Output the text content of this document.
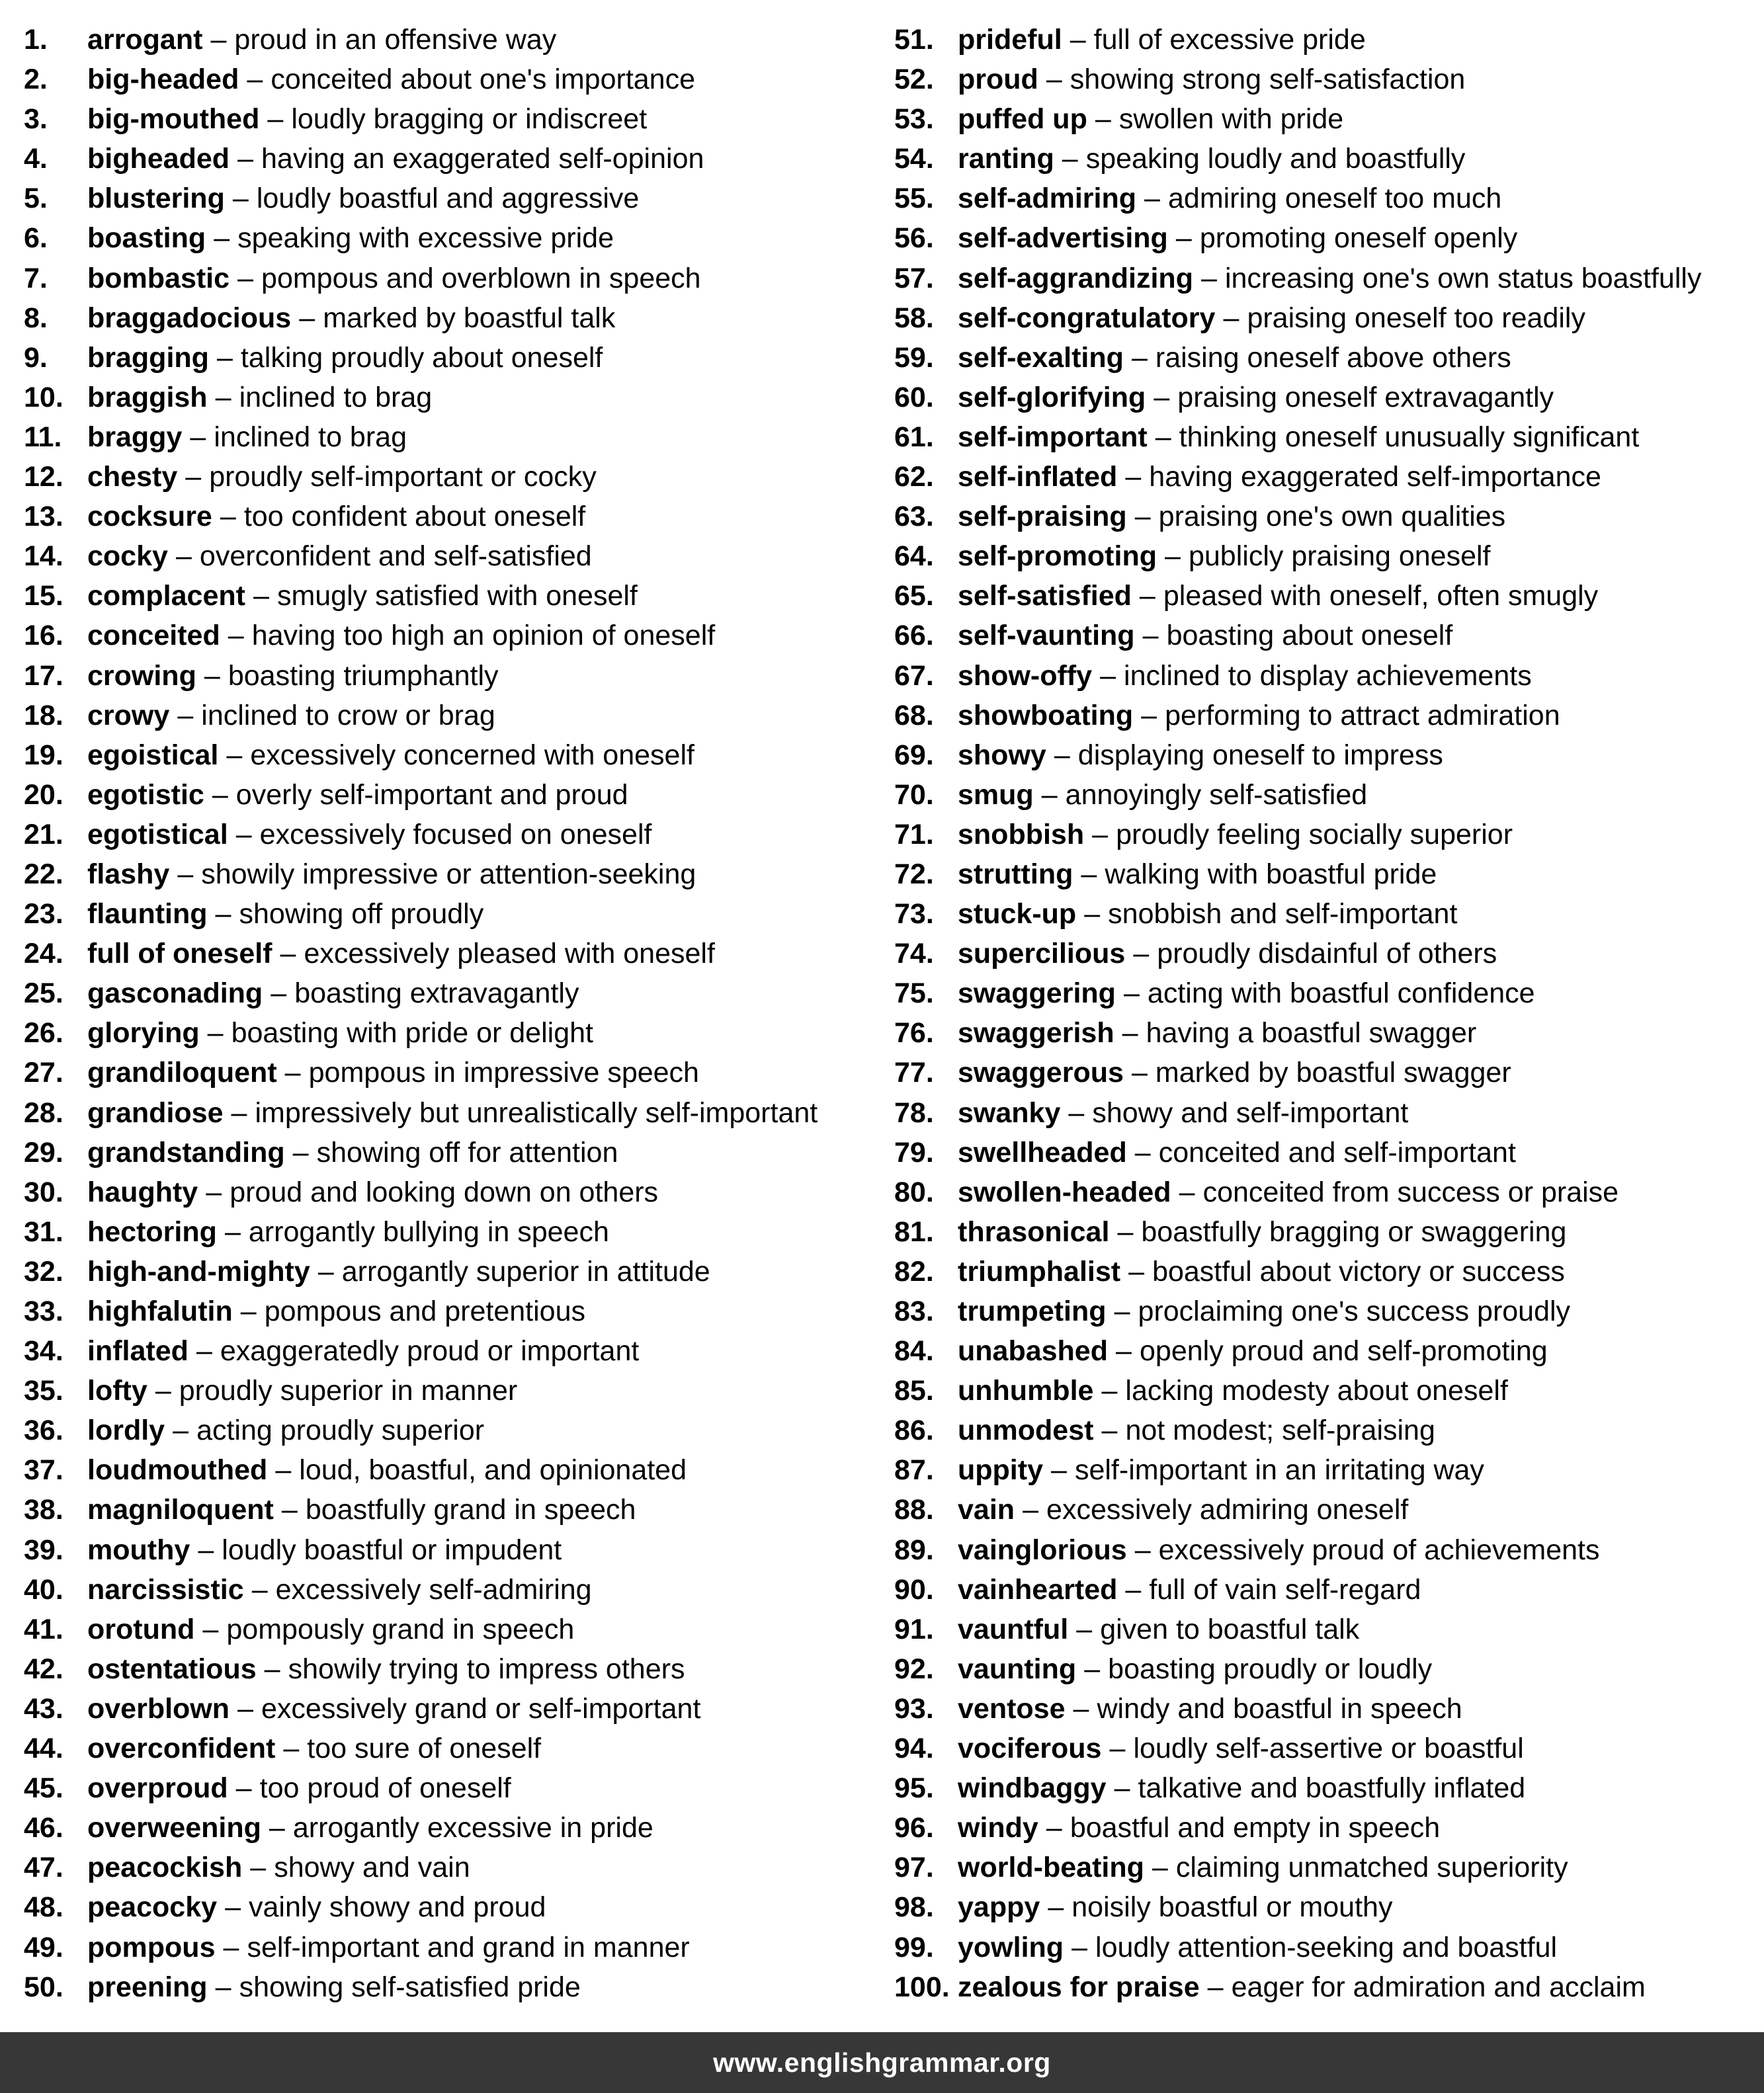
1.	arrogant – proud in an offensive way
2.	big-headed – conceited about one's importance
3.	big-mouthed – loudly bragging or indiscreet
4.	bigheaded – having an exaggerated self-opinion
5.	blustering – loudly boastful and aggressive
6.	boasting – speaking with excessive pride
7.	bombastic – pompous and overblown in speech
8.	braggadocious – marked by boastful talk
9.	bragging – talking proudly about oneself
10. braggish – inclined to brag
11. braggy – inclined to brag
12. chesty – proudly self-important or cocky
13. cocksure – too confident about oneself
14. cocky – overconfident and self-satisfied
15. complacent – smugly satisfied with oneself
16. conceited – having too high an opinion of oneself
17. crowing – boasting triumphantly
18. crowy – inclined to crow or brag
19. egoistical – excessively concerned with oneself
20. egotistic – overly self-important and proud
21. egotistical – excessively focused on oneself
22. flashy – showily impressive or attention-seeking
23. flaunting – showing off proudly
24. full of oneself – excessively pleased with oneself
25. gasconading – boasting extravagantly
26. glorying – boasting with pride or delight
27. grandiloquent – pompous in impressive speech
28. grandiose – impressively but unrealistically self-important
29. grandstanding – showing off for attention
30. haughty – proud and looking down on others
31. hectoring – arrogantly bullying in speech
32. high-and-mighty – arrogantly superior in attitude
33. highfalutin – pompous and pretentious
34. inflated – exaggeratedly proud or important
35. lofty – proudly superior in manner
36. lordly – acting proudly superior
37. loudmouthed – loud, boastful, and opinionated
38. magniloquent – boastfully grand in speech
39. mouthy – loudly boastful or impudent
40. narcissistic – excessively self-admiring
41. orotund – pompously grand in speech
42. ostentatious – showily trying to impress others
43. overblown – excessively grand or self-important
44. overconfident – too sure of oneself
45. overproud – too proud of oneself
46. overweening – arrogantly excessive in pride
47. peacockish – showy and vain
48. peacocky – vainly showy and proud
49. pompous – self-important and grand in manner
50. preening – showing self-satisfied pride
51. prideful – full of excessive pride
52. proud – showing strong self-satisfaction
53. puffed up – swollen with pride
54. ranting – speaking loudly and boastfully
55. self-admiring – admiring oneself too much
56. self-advertising – promoting oneself openly
57. self-aggrandizing – increasing one's own status boastfully
58. self-congratulatory – praising oneself too readily
59. self-exalting – raising oneself above others
60. self-glorifying – praising oneself extravagantly
61. self-important – thinking oneself unusually significant
62. self-inflated – having exaggerated self-importance
63. self-praising – praising one's own qualities
64. self-promoting – publicly praising oneself
65. self-satisfied – pleased with oneself, often smugly
66. self-vaunting – boasting about oneself
67. show-offy – inclined to display achievements
68. showboating – performing to attract admiration
69. showy – displaying oneself to impress
70. smug – annoyingly self-satisfied
71. snobbish – proudly feeling socially superior
72. strutting – walking with boastful pride
73. stuck-up – snobbish and self-important
74. supercilious – proudly disdainful of others
75. swaggering – acting with boastful confidence
76. swaggerish – having a boastful swagger
77. swaggerous – marked by boastful swagger
78. swanky – showy and self-important
79. swellheaded – conceited and self-important
80. swollen-headed – conceited from success or praise
81. thrasonical – boastfully bragging or swaggering
82. triumphalist – boastful about victory or success
83. trumpeting – proclaiming one's success proudly
84. unabashed – openly proud and self-promoting
85. unhumble – lacking modesty about oneself
86. unmodest – not modest; self-praising
87. uppity – self-important in an irritating way
88. vain – excessively admiring oneself
89. vainglorious – excessively proud of achievements
90. vainhearted – full of vain self-regard
91. vauntful – given to boastful talk
92. vaunting – boasting proudly or loudly
93. ventose – windy and boastful in speech
94. vociferous – loudly self-assertive or boastful
95. windbaggy – talkative and boastfully inflated
96. windy – boastful and empty in speech
97. world-beating – claiming unmatched superiority
98. yappy – noisily boastful or mouthy
99. yowling – loudly attention-seeking and boastful
100. zealous for praise – eager for admiration and acclaim
www.englishgrammar.org
